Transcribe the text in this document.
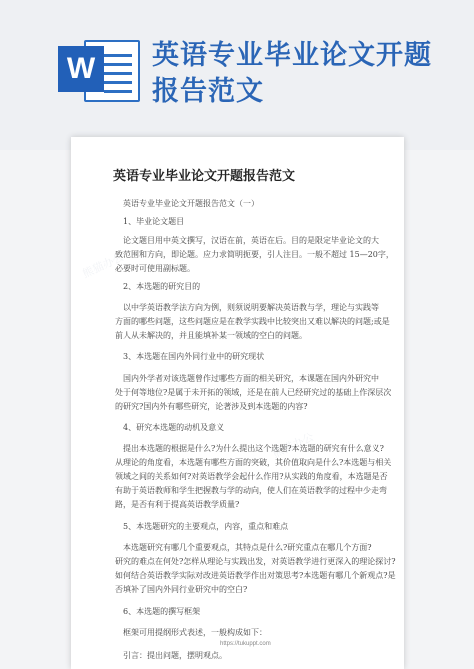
W	英语专业毕业论文开题
报告范文
英语专业毕业论文开题报告范文
英语专业毕业论文开题报告范文（一）
1、毕业论文题目
论文题目用中英文撰写，汉语在前，英语在后。目的是限定毕业论文的大
致范围和方向，即论题。应力求简明扼要，引人注目。一般不超过 15—20字，
必要时可使用副标题。
2、本选题的研究目的
以中学英语教学法方向为例，则须说明要解决英语教与学，理论与实践等
方面的哪些问题，这些问题应是在教学实践中比较突出又难以解决的问题;或是
前人从未解决的，并且能填补某一领域的空白的问题。
3、本选题在国内外同行业中的研究现状
国内外学者对该选题曾作过哪些方面的相关研究，本课题在国内外研究中
处于何等地位?是属于未开拓的领域，还是在前人已经研究过的基础上作深层次
的研究?国内外有哪些研究，论著涉及到本选题的内容?
4、研究本选题的动机及意义
提出本选题的根据是什么?为什么提出这个选题?本选题的研究有什么意义?
从理论的角度看，本选题有哪些方面的突破，其价值取向是什么?本选题与相关
领域之间的关系如何?对英语教学会起什么作用?从实践的角度看，本选题是否
有助于英语教师和学生把握教与学的动向，使人们在英语教学的过程中少走弯
路，是否有利于提高英语教学质量?
5、本选题研究的主要观点，内容，重点和难点
本选题研究有哪几个重要观点，其特点是什么?研究重点在哪几个方面?
研究的难点在何处?怎样从理论与实践出发，对英语教学进行更深入的理论探讨?
如何结合英语教学实际对改进英语教学作出对策思考?本选题有哪几个新观点?是
否填补了国内外同行业研究中的空白?
6、本选题的撰写框架
框架可用提纲形式表述，一般构成如下：
引言：提出问题，摆明观点。
熊猫办公
熊猫办公
https://tukuppt.com
